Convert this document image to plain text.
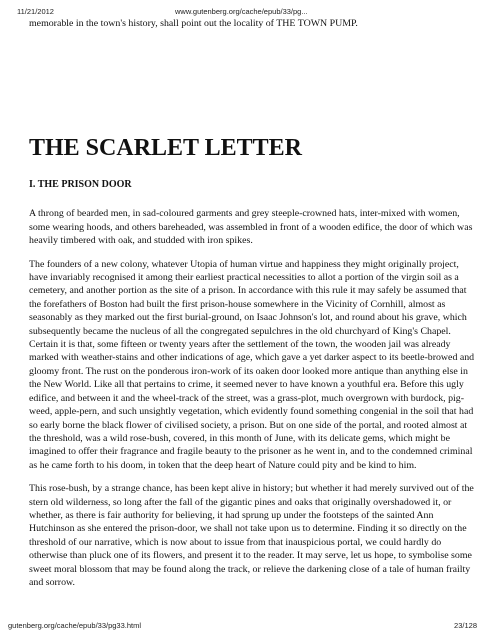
11/21/2012	www.gutenberg.org/cache/epub/33/pg...

memorable in the town's history, shall point out the locality of THE TOWN PUMP.

THE SCARLET LETTER
I. THE PRISON DOOR

A throng of bearded men, in sad-coloured garments and grey steeple-crowned hats, inter-mixed with women, some wearing hoods, and others bareheaded, was assembled in front of a wooden edifice, the door of which was heavily timbered with oak, and studded with iron spikes.

The founders of a new colony, whatever Utopia of human virtue and happiness they might originally project, have invariably recognised it among their earliest practical necessities to allot a portion of the virgin soil as a cemetery, and another portion as the site of a prison. In accordance with this rule it may safely be assumed that the forefathers of Boston had built the first prison-house somewhere in the Vicinity of Cornhill, almost as seasonably as they marked out the first burial-ground, on Isaac Johnson's lot, and round about his grave, which subsequently became the nucleus of all the congregated sepulchres in the old churchyard of King's Chapel. Certain it is that, some fifteen or twenty years after the settlement of the town, the wooden jail was already marked with weather-stains and other indications of age, which gave a yet darker aspect to its beetle-browed and gloomy front. The rust on the ponderous iron-work of its oaken door looked more antique than anything else in the New World. Like all that pertains to crime, it seemed never to have known a youthful era. Before this ugly edifice, and between it and the wheel-track of the street, was a grass-plot, much overgrown with burdock, pig-weed, apple-pern, and such unsightly vegetation, which evidently found something congenial in the soil that had so early borne the black flower of civilised society, a prison. But on one side of the portal, and rooted almost at the threshold, was a wild rose-bush, covered, in this month of June, with its delicate gems, which might be imagined to offer their fragrance and fragile beauty to the prisoner as he went in, and to the condemned criminal as he came forth to his doom, in token that the deep heart of Nature could pity and be kind to him.

This rose-bush, by a strange chance, has been kept alive in history; but whether it had merely survived out of the stern old wilderness, so long after the fall of the gigantic pines and oaks that originally overshadowed it, or whether, as there is fair authority for believing, it had sprung up under the footsteps of the sainted Ann Hutchinson as she entered the prison-door, we shall not take upon us to determine. Finding it so directly on the threshold of our narrative, which is now about to issue from that inauspicious portal, we could hardly do otherwise than pluck one of its flowers, and present it to the reader. It may serve, let us hope, to symbolise some sweet moral blossom that may be found along the track, or relieve the darkening close of a tale of human frailty and sorrow.

gutenberg.org/cache/epub/33/pg33.html	23/128
